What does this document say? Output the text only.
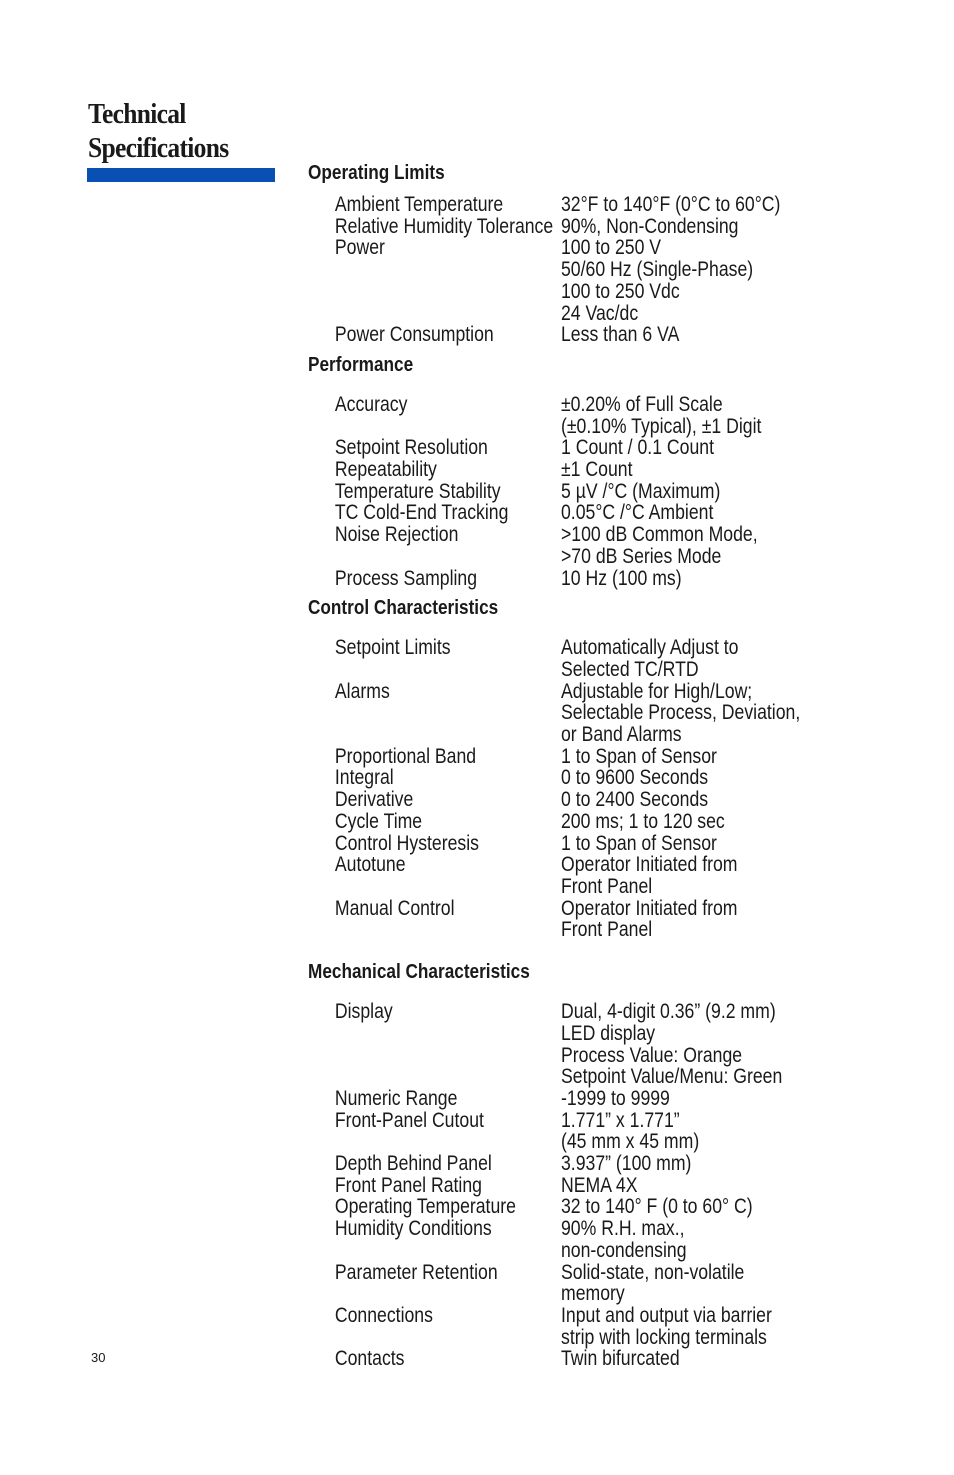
Technical
Specifications
Operating Limits
Ambient Temperature	32°F to 140°F (0°C to 60°C)
Relative Humidity Tolerance 90%, Non-Condensing
Power	100 to 250 V
50/60 Hz (Single-Phase)
100 to 250 Vdc
24 Vac/dc
Power Consumption	Less than 6 VA
Performance
Accuracy	±0.20% of Full Scale
(±0.10% Typical), ±1 Digit
Setpoint Resolution	1 Count / 0.1 Count
Repeatability	±1 Count
Temperature Stability	5 µV /°C (Maximum)
TC Cold-End Tracking	0.05°C /°C Ambient
Noise Rejection	>100 dB Common Mode,
>70 dB Series Mode
Process Sampling	10 Hz (100 ms)
Control Characteristics
Setpoint Limits	Automatically Adjust to
Selected TC/RTD
Alarms	Adjustable for High/Low;
Selectable Process, Deviation,
or Band Alarms
Proportional Band	1 to Span of Sensor
Integral	0 to 9600 Seconds
Derivative	0 to 2400 Seconds
Cycle Time	200 ms; 1 to 120 sec
Control Hysteresis	1 to Span of Sensor
Autotune	Operator Initiated from
Front Panel
Manual Control	Operator Initiated from
Front Panel
Mechanical Characteristics
Display	Dual, 4-digit 0.36” (9.2 mm)
LED display
Process Value: Orange
Setpoint Value/Menu: Green
Numeric Range	-1999 to 9999
Front-Panel Cutout	1.771” x 1.771”
(45 mm x 45 mm)
Depth Behind Panel	3.937” (100 mm)
Front Panel Rating	NEMA 4X
Operating Temperature 32 to 140° F (0 to 60° C)
Humidity Conditions	90% R.H. max.,
non-condensing
Parameter Retention	Solid-state, non-volatile
memory
Connections	Input and output via barrier
strip with locking terminals
Contacts	Twin bifurcated
30
